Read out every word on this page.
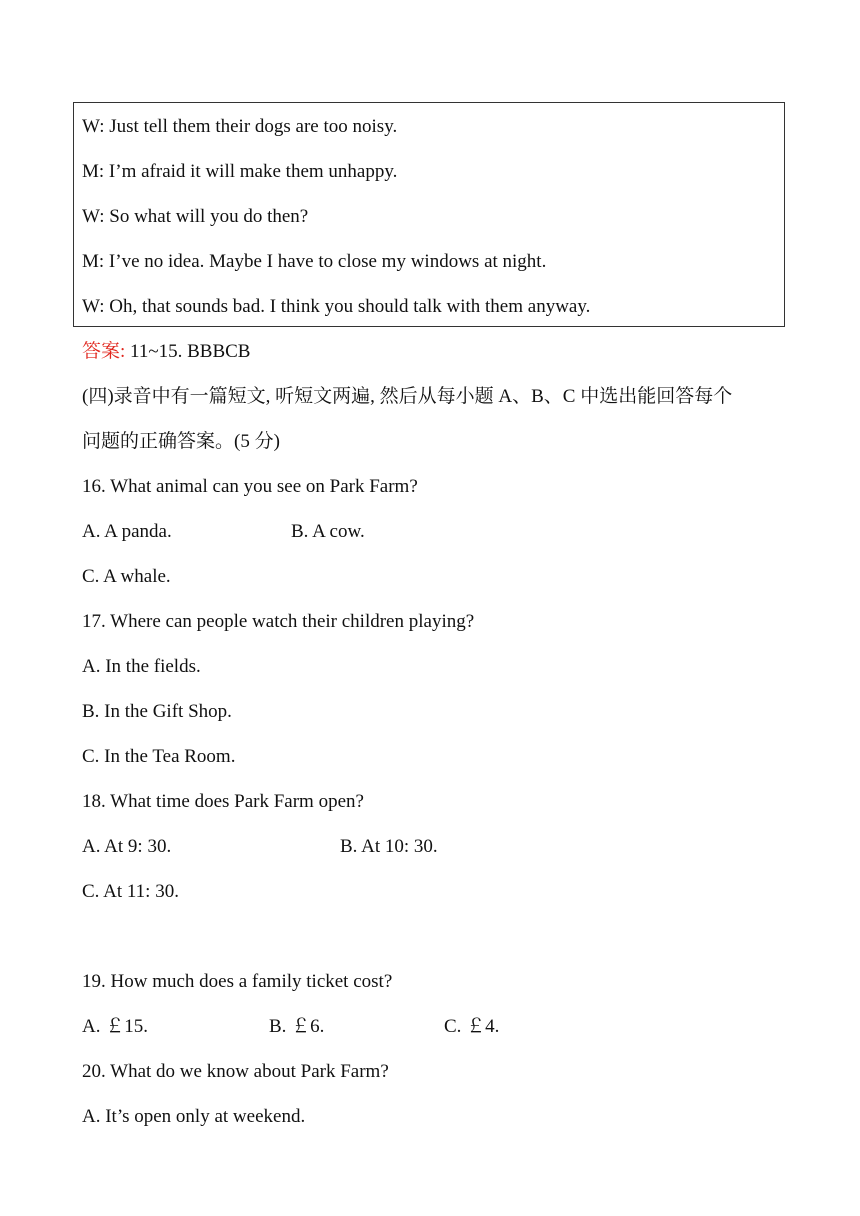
W: Just tell them their dogs are too noisy.
M: I’m afraid it will make them unhappy.
W: So what will you do then?
M: I’ve no idea. Maybe I have to close my windows at night.
W: Oh, that sounds bad. I think you should talk with them anyway.
答案: 11~15. BBBCB
(四)录音中有一篇短文, 听短文两遍, 然后从每小题 A、B、C 中选出能回答每个
问题的正确答案。(5 分)
16. What animal can you see on Park Farm?
A. A panda.	B. A cow.
C. A whale.
17. Where can people watch their children playing?
A. In the fields.
B. In the Gift Shop.
C. In the Tea Room.
18. What time does Park Farm open?
A. At 9: 30.	B. At 10: 30.
C. At 11: 30.
19. How much does a family ticket cost?
A. ￡15.	B. ￡6.	C. ￡4.
20. What do we know about Park Farm?
A. It’s open only at weekend.
